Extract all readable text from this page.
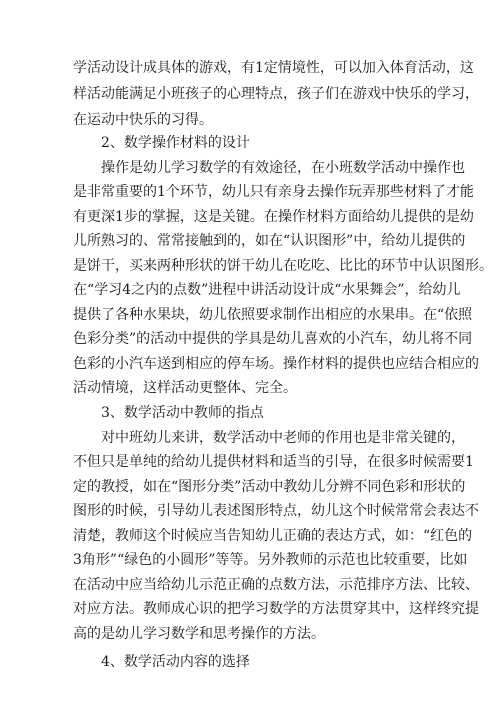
学活动设计成具体的游戏，有1定情境性，可以加入体育活动，这
样活动能满足小班孩子的心理特点，孩子们在游戏中快乐的学习，
在运动中快乐的习得。
2、数学操作材料的设计
操作是幼儿学习数学的有效途径，在小班数学活动中操作也
是非常重要的1个环节，幼儿只有亲身去操作玩弄那些材料了才能
有更深1步的掌握，这是关键。在操作材料方面给幼儿提供的是幼
儿所熟习的、常常接触到的，如在“认识图形”中，给幼儿提供的
是饼干，买来两种形状的饼干幼儿在吃吃、比比的环节中认识图形。
在“学习4之内的点数”进程中讲活动设计成“水果舞会”，给幼儿
提供了各种水果块，幼儿依照要求制作出相应的水果串。在“依照
色彩分类”的活动中提供的学具是幼儿喜欢的小汽车，幼儿将不同
色彩的小汽车送到相应的停车场。操作材料的提供也应结合相应的
活动情境，这样活动更整体、完全。
3、数学活动中教师的指点
对中班幼儿来讲，数学活动中老师的作用也是非常关键的，
不但只是单纯的给幼儿提供材料和适当的引导，在很多时候需要1
定的教授，如在“图形分类”活动中教幼儿分辨不同色彩和形状的
图形的时候，引导幼儿表述图形特点，幼儿这个时候常常会表达不
清楚，教师这个时候应当告知幼儿正确的表达方式，如：“红色的
3角形”“绿色的小圆形”等等。另外教师的示范也比较重要，比如
在活动中应当给幼儿示范正确的点数方法，示范排序方法、比较、
对应方法。教师成心识的把学习数学的方法贯穿其中，这样终究提
高的是幼儿学习数学和思考操作的方法。
4、数学活动内容的选择
